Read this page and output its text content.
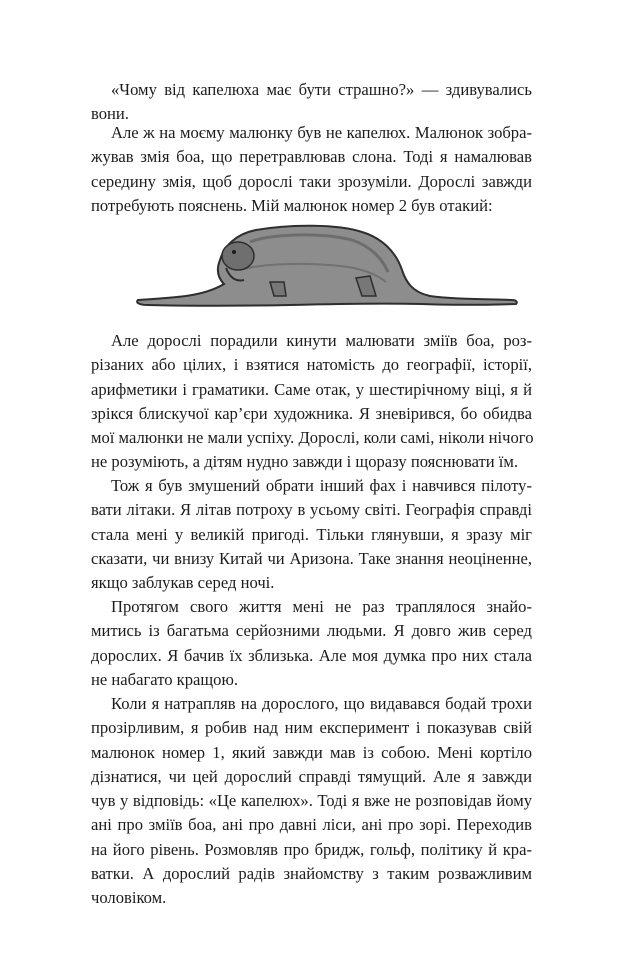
«Чому від капелюха має бути страшно?» — здивувались
вони.

Але ж на моєму малюнку був не капелюх. Малюнок зобра-
жував змія боа, що перетравлював слона. Тоді я намалював
середину змія, щоб дорослі таки зрозуміли. Дорослі завжди
потребують пояснень. Мій малюнок номер 2 був отакий:

Але дорослі порадили кинути малювати зміїв боа, роз-
різаних або цілих, і взятися натомість до географії, історії,
арифметики і граматики. Саме отак, у шестирічному віці, я й
зрікся блискучої кар’єри художника. Я зневірився, бо обидва
мої малюнки не мали успіху. Дорослі, коли самі, ніколи нічого
не розуміють, а дітям нудно завжди і щоразу пояснювати їм.

Тож я був змушений обрати інший фах і навчився пілоту-
вати літаки. Я літав потроху в усьому світі. Географія справді
стала мені у великій пригоді. Тільки глянувши, я зразу міг
сказати, чи внизу Китай чи Аризона. Таке знання неоціненне,
якщо заблукав серед ночі.

Протягом свого життя мені не раз траплялося знайо-
митись із багатьма серйозними людьми. Я довго жив серед
дорослих. Я бачив їх зблизька. Але моя думка про них стала
не набагато кращою.

Коли я натрапляв на дорослого, що видавався бодай трохи
прозірливим, я робив над ним експеримент і показував свій
малюнок номер 1, який завжди мав із собою. Мені кортіло
дізнатися, чи цей дорослий справді тямущий. Але я завжди
чув у відповідь: «Це капелюх». Тоді я вже не розповідав йому
ані про зміїв боа, ані про давні ліси, ані про зорі. Переходив
на його рівень. Розмовляв про бридж, гольф, політику й кра-
ватки. А дорослий радів знайомству з таким розважливим
чоловіком.
